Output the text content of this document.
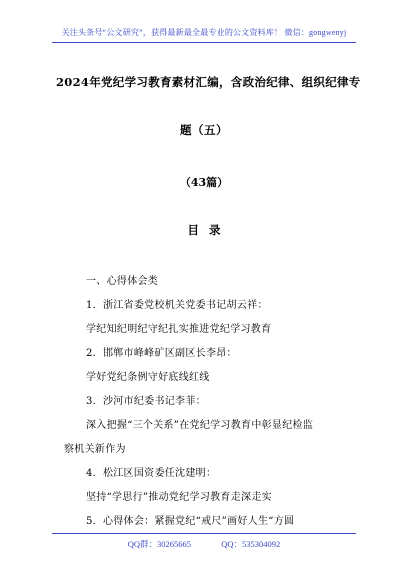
关注头条号“公文研究”，获得最新最全最专业的公文资料库！ 微信：gongwenyj
2024年党纪学习教育素材汇编，含政治纪律、组织纪律专
题（五）
（43篇）
目录
一、心得体会类
1．浙江省委党校机关党委书记胡云祥：
学纪知纪明纪守纪扎实推进党纪学习教育
2．邯郸市峰峰矿区副区长李昂：
学好党纪条例守好底线红线
3．沙河市纪委书记李菲：
深入把握“三个关系”在党纪学习教育中彰显纪检监
察机关新作为
4．松江区国资委任沈建明：
坚持“学思行”推动党纪学习教育走深走实
5．心得体会：紧握党纪“戒尺”画好人生“方圆
QQ群：30265665	QQ：535304092
